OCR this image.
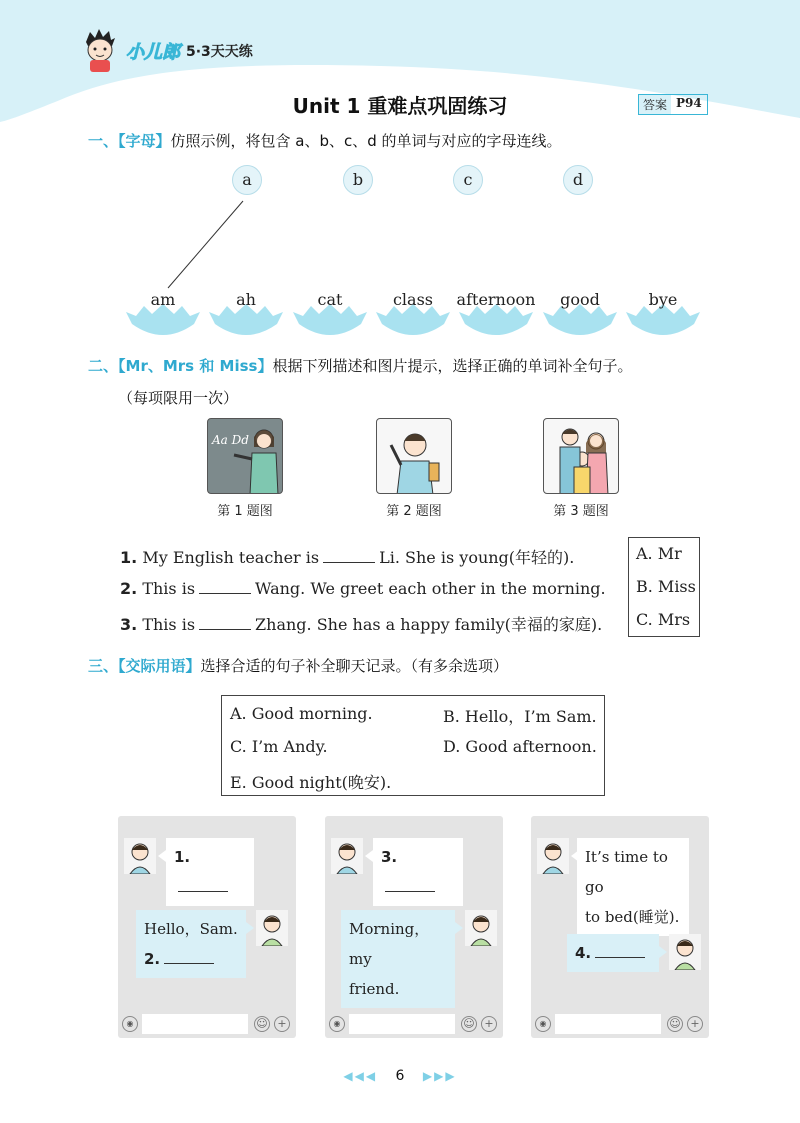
小儿郎 5·3天天练
Unit 1 重难点巩固练习	答案 P94
一、【字母】仿照示例，将包含 a、b、c、d 的单词与对应的字母连线。
a	b	c	d
am	ah	cat	class	afternoon	good	bye
二、【Mr、Mrs 和 Miss】根据下列描述和图片提示，选择正确的单词补全句子。
（每项限用一次）
Aa Dd
第 1 题图	第 2 题图	第 3 题图
1. My English teacher is	Li. She is young(年轻的).
2. This is	Wang. We greet each other in the morning.
3. This is	Zhang. She has a happy family(幸福的家庭).
A. Mr
B. Miss
C. Mrs
三、【交际用语】选择合适的句子补全聊天记录。（有多余选项）
A. Good morning.	B. Hello，I’m Sam.
C. I’m Andy.	D. Good afternoon.
E. Good night(晚安).
1.
Hello，Sam.
2.
◉	☺ +
3.
Morning，my
friend.
◉	☺ +
It’s time to go
to bed(睡觉).
4.
◉	☺ +
◀◀◀ 6 ▶▶▶
